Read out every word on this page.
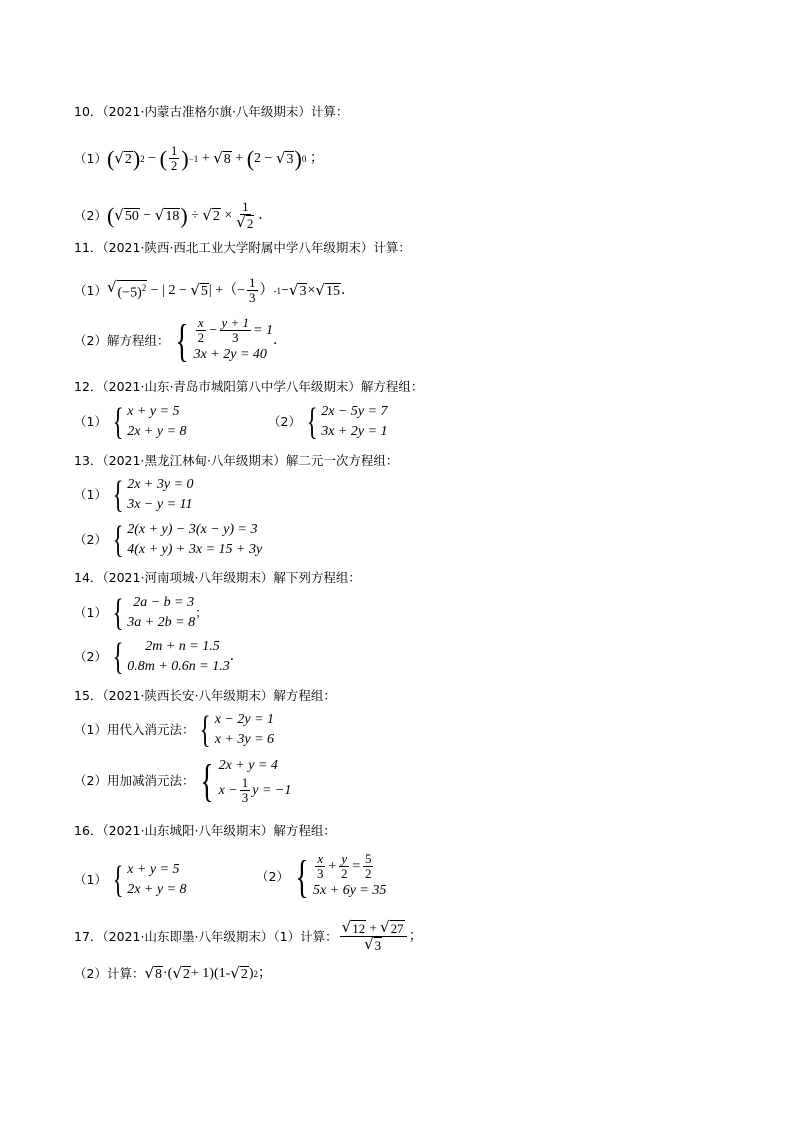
10．（2021·内蒙古准格尔旗·八年级期末）计算：
（1） ( √ 2 ) 2 − ( $\frac{1}{2}$ ) −1 + √ 8 + ( 2 − √ 3 ) 0 ；
（2） ( √ 50 − √ 18 ) ÷ √ $2 \times \frac{1}{√ 2}$ ．
11．（2021·陕西·西北工业大学附属中学八年级期末）计算：
（1） √ $(-5)^2$ − | 2 − √ 5 | +（− $\frac{1}{3}$ ） -1 − √ 3 × √ 15 ．
（2）解方程组： { $\frac{x}{2} - \frac{y + 1}{3} = 1$
3x + 2y = 40
．
12．（2021·山东·青岛市城阳第八中学八年级期末）解方程组：
（1） { x + y = 5
2x + y = 8
（2） { 2x − 5y = 7
3x + 2y = 1
13．（2021·黑龙江林甸·八年级期末）解二元一次方程组：
（1） { 2x + 3y = 0
3x − y = 11
（2） { 2(x + y) − 3(x − y) = 3
4(x + y) + 3x = 15 + 3y
14．（2021·河南项城·八年级期末）解下列方程组：
（1） { 2a − b = 3
3a + 2b = 8
；
（2） {	2m + n = 1.5
0.8m + 0.6n = 1.3
．
15．（2021·陕西长安·八年级期末）解方程组：
（1）用代入消元法： { x − 2y = 1
x + 3y = 6
（2）用加减消元法： { 2x + y = 4
$x - \frac{1}{3}$ y = −1
16．（2021·山东城阳·八年级期末）解方程组：
（1） { x + y = 5
2x + y = 8
（2） { $\frac{x}{3} + \frac{y}{2} = \frac{5}{2}$
5x + 6y = 35
17．（2021·山东即墨·八年级期末）（1）计算： $\frac{√ 12 + √ 27}{√ 3}$ ；
（2）计算： √ 8 ·( √ 2 + 1)(1- √ 2 ) 2 ；
